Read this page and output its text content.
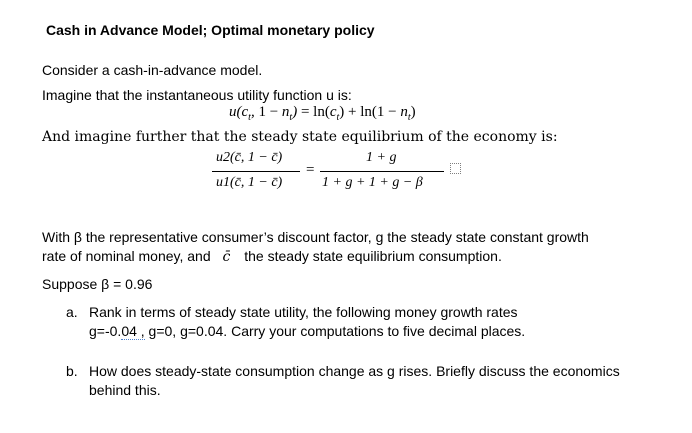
Cash in Advance Model; Optimal monetary policy
Consider a cash-in-advance model.
Imagine that the instantaneous utility function u is:
$u(c_t$, $1 - n_t) = \ln(c_t) + \ln(1 - n_t)$
And imagine further that the steady state equilibrium of the economy is:
u2(c̄, 1 − c̄)
u1(c̄, 1 − c̄)
=
1 + g
1 + g + 1 + g − β
With β the representative consumer’s discount factor, g the steady state constant growth
rate of nominal money, and c̄ the steady state equilibrium consumption.
Suppose β = 0.96
a. Rank in terms of steady state utility, the following money growth rates
g=-0.04 , g=0, g=0.04. Carry your computations to five decimal places.
b. How does steady-state consumption change as g rises. Briefly discuss the economics
behind this.
